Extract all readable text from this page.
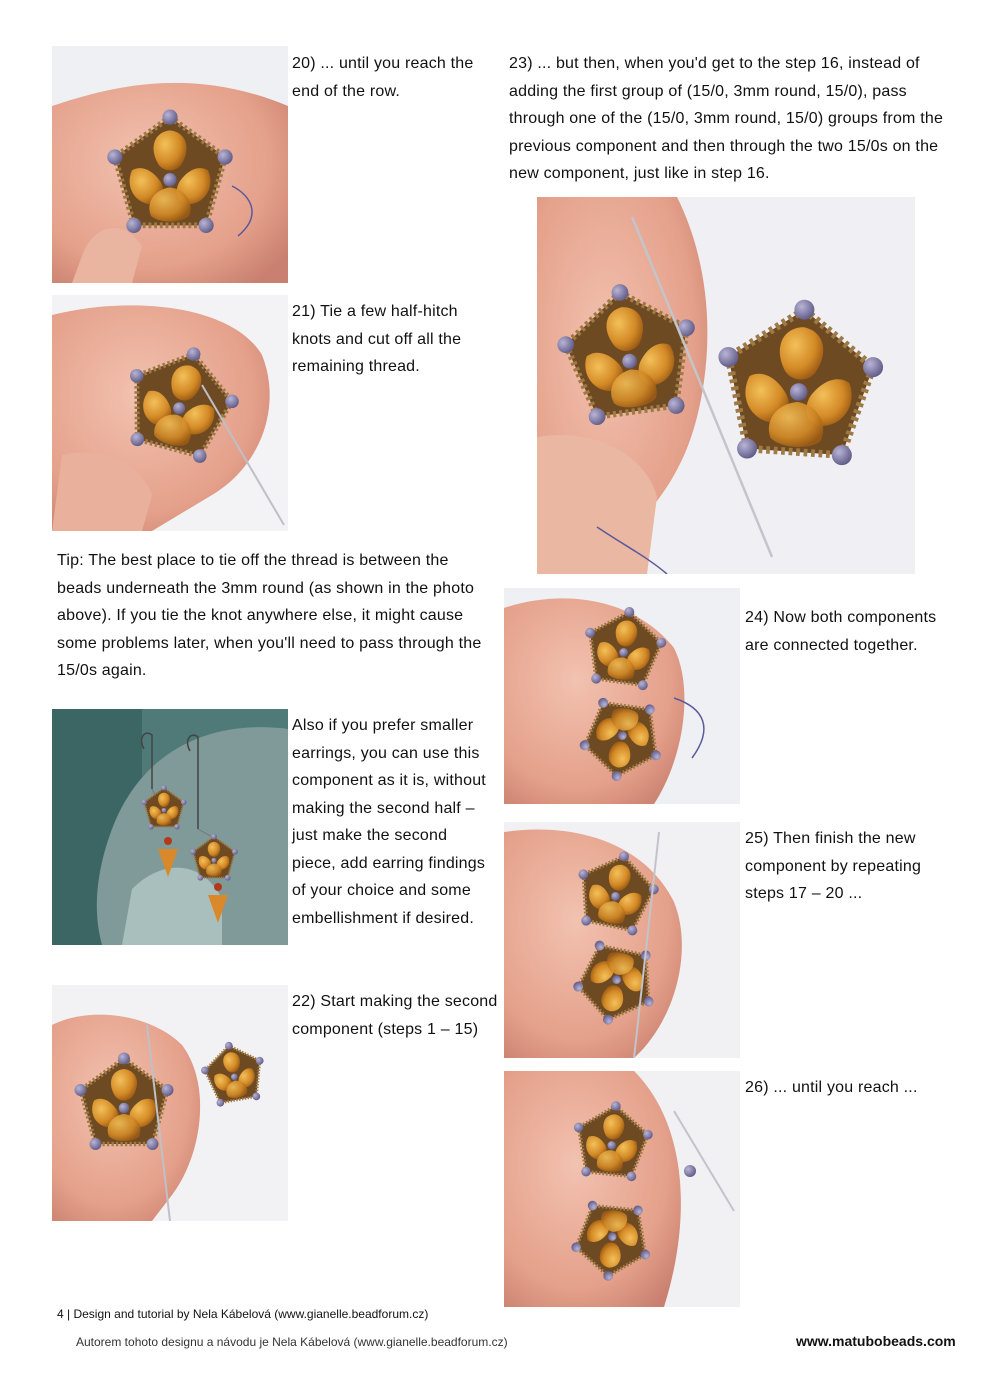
20) ... until you reach the end of the row.

21) Tie a few half-hitch knots and cut off all the remaining thread.

Tip: The best place to tie off the thread is between the beads underneath the 3mm round (as shown in the photo above). If you tie the knot anywhere else, it might cause some problems later, when you'll need to pass through the 15/0s again.

Also if you prefer smaller earrings, you can use this component as it is, without making the second half – just make the second piece, add earring findings of your choice and some embellishment if desired.

22) Start making the second component (steps 1 – 15)

23) ... but then, when you'd get to the step 16, instead of adding the first group of (15/0, 3mm round, 15/0), pass through one of the (15/0, 3mm round, 15/0) groups from the previous component and then through the two 15/0s on the new component, just like in step 16.

24) Now both components are connected together.

25) Then finish the new component by repeating steps 17 – 20 ...

26) ... until you reach ...

4 | Design and tutorial by Nela Kábelová (www.gianelle.beadforum.cz)
Autorem tohoto designu a návodu je Nela Kábelová (www.gianelle.beadforum.cz)	www.matubobeads.com
